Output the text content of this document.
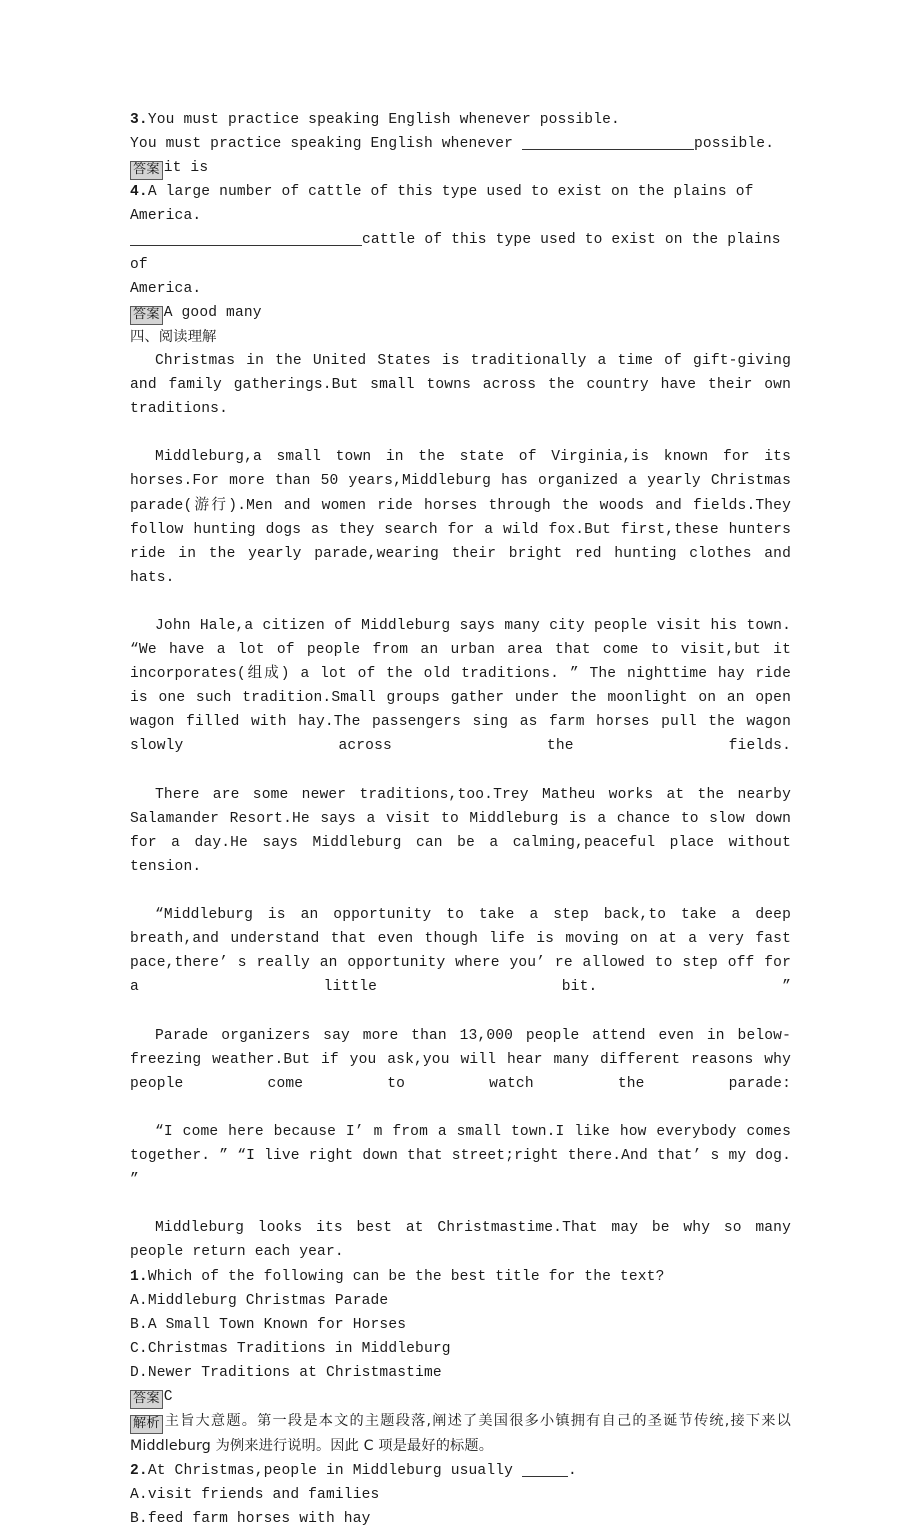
3.You must practice speaking English whenever possible.
You must practice speaking English whenever	possible.
答案 it is
4.A large number of cattle of this type used to exist on the plains of America.
cattle of this type used to exist on the plains of
America.
答案 A good many
四、阅读理解

Christmas in the United States is traditionally a time of gift-giving and family gatherings.But small towns across the country have their own traditions.

Middleburg,a small town in the state of Virginia,is known for its horses.For more than 50 years,Middleburg has organized a yearly Christmas parade(游行).Men and women ride horses through the woods and fields.They follow hunting dogs as they search for a wild fox.But first,these hunters ride in the yearly parade,wearing their bright red hunting clothes and hats.

John Hale,a citizen of Middleburg says many city people visit his town. “We have a lot of people from an urban area that come to visit,but it incorporates(组成) a lot of the old traditions. ” The nighttime hay ride is one such tradition.Small groups gather under the moonlight on an open wagon filled with hay.The passengers sing as farm horses pull the wagon slowly across the fields.

There are some newer traditions,too.Trey Matheu works at the nearby Salamander Resort.He says a visit to Middleburg is a chance to slow down for a day.He says Middleburg can be a calming,peaceful place without tension.

“Middleburg is an opportunity to take a step back,to take a deep breath,and understand that even though life is moving on at a very fast pace,there’ s really an opportunity where you’ re allowed to step off for a little bit. ”

Parade organizers say more than 13,000 people attend even in below-freezing weather.But if you ask,you will hear many different reasons why people come to watch the parade:

“I come here because I’ m from a small town.I like how everybody comes together. ” “I live right down that street;right there.And that’ s my dog. ”

Middleburg looks its best at Christmastime.That may be why so many people return each year.

1.Which of the following can be the best title for the text?
A.Middleburg Christmas Parade
B.A Small Town Known for Horses
C.Christmas Traditions in Middleburg
D.Newer Traditions at Christmastime
答案 C

解析 主旨大意题。第一段是本文的主题段落,阐述了美国很多小镇拥有自己的圣诞节传统,接下来以 Middleburg 为例来进行说明。因此 C 项是最好的标题。

2.At Christmas,people in Middleburg usually	.
A.visit friends and families
B.feed farm horses with hay
